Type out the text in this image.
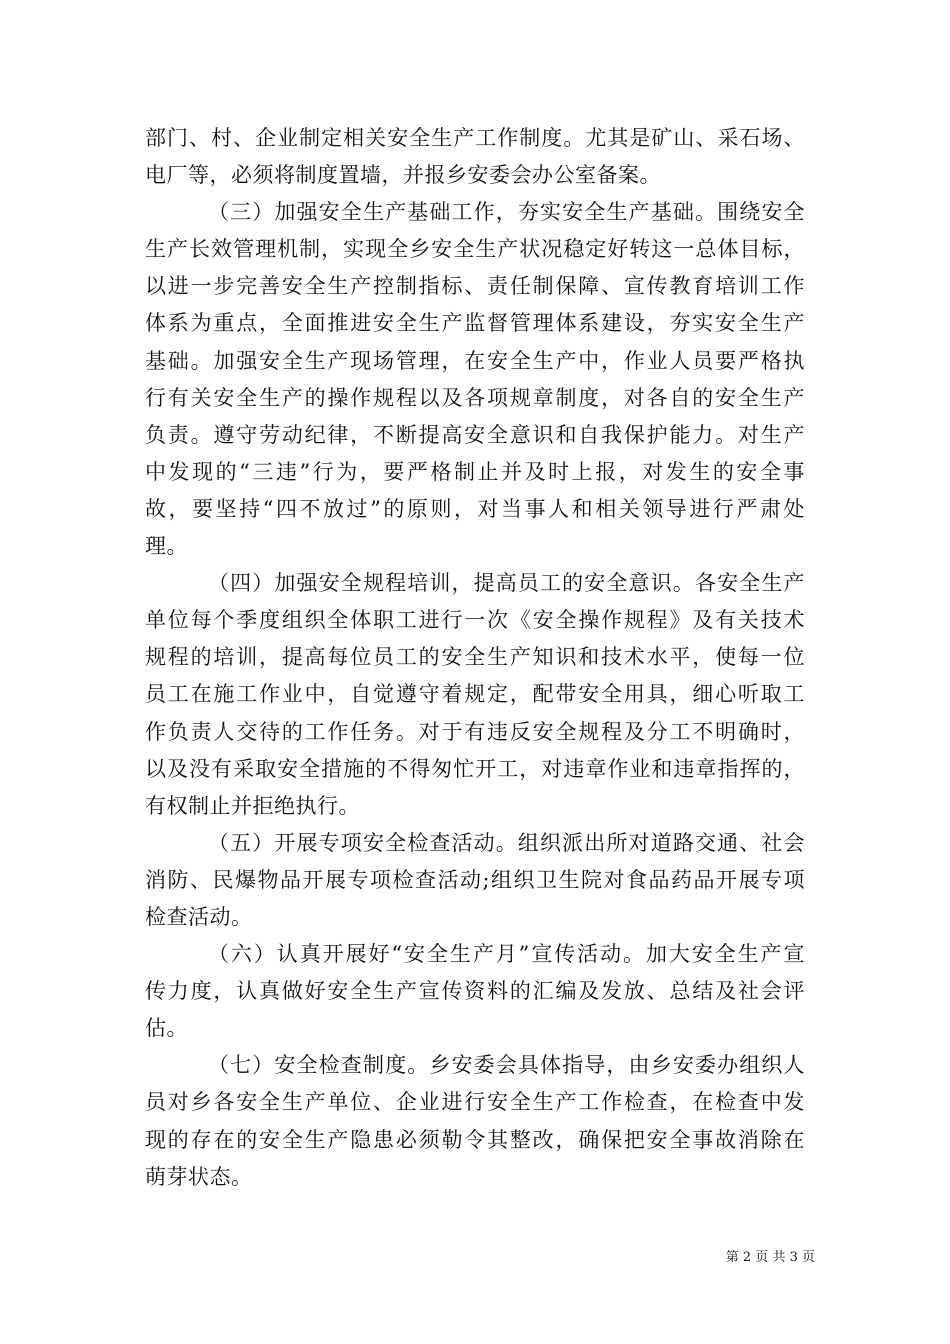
部门、村、企业制定相关安全生产工作制度。尤其是矿山、采石场、
电厂等，必须将制度置墙，并报乡安委会办公室备案。
（三）加强安全生产基础工作，夯实安全生产基础。围绕安全
生产长效管理机制，实现全乡安全生产状况稳定好转这一总体目标，
以进一步完善安全生产控制指标、责任制保障、宣传教育培训工作
体系为重点，全面推进安全生产监督管理体系建设，夯实安全生产
基础。加强安全生产现场管理，在安全生产中，作业人员要严格执
行有关安全生产的操作规程以及各项规章制度，对各自的安全生产
负责。遵守劳动纪律，不断提高安全意识和自我保护能力。对生产
中发现的“三违”行为，要严格制止并及时上报，对发生的安全事
故，要坚持“四不放过”的原则，对当事人和相关领导进行严肃处
理。
（四）加强安全规程培训，提高员工的安全意识。各安全生产
单位每个季度组织全体职工进行一次《安全操作规程》及有关技术
规程的培训，提高每位员工的安全生产知识和技术水平，使每一位
员工在施工作业中，自觉遵守着规定，配带安全用具，细心听取工
作负责人交待的工作任务。对于有违反安全规程及分工不明确时，
以及没有采取安全措施的不得匆忙开工，对违章作业和违章指挥的，
有权制止并拒绝执行。
（五）开展专项安全检查活动。组织派出所对道路交通、社会
消防、民爆物品开展专项检查活动;组织卫生院对食品药品开展专项
检查活动。
（六）认真开展好“安全生产月”宣传活动。加大安全生产宣
传力度，认真做好安全生产宣传资料的汇编及发放、总结及社会评
估。
（七）安全检查制度。乡安委会具体指导，由乡安委办组织人
员对乡各安全生产单位、企业进行安全生产工作检查，在检查中发
现的存在的安全生产隐患必须勒令其整改，确保把安全事故消除在
萌芽状态。
第 2 页 共 3 页
